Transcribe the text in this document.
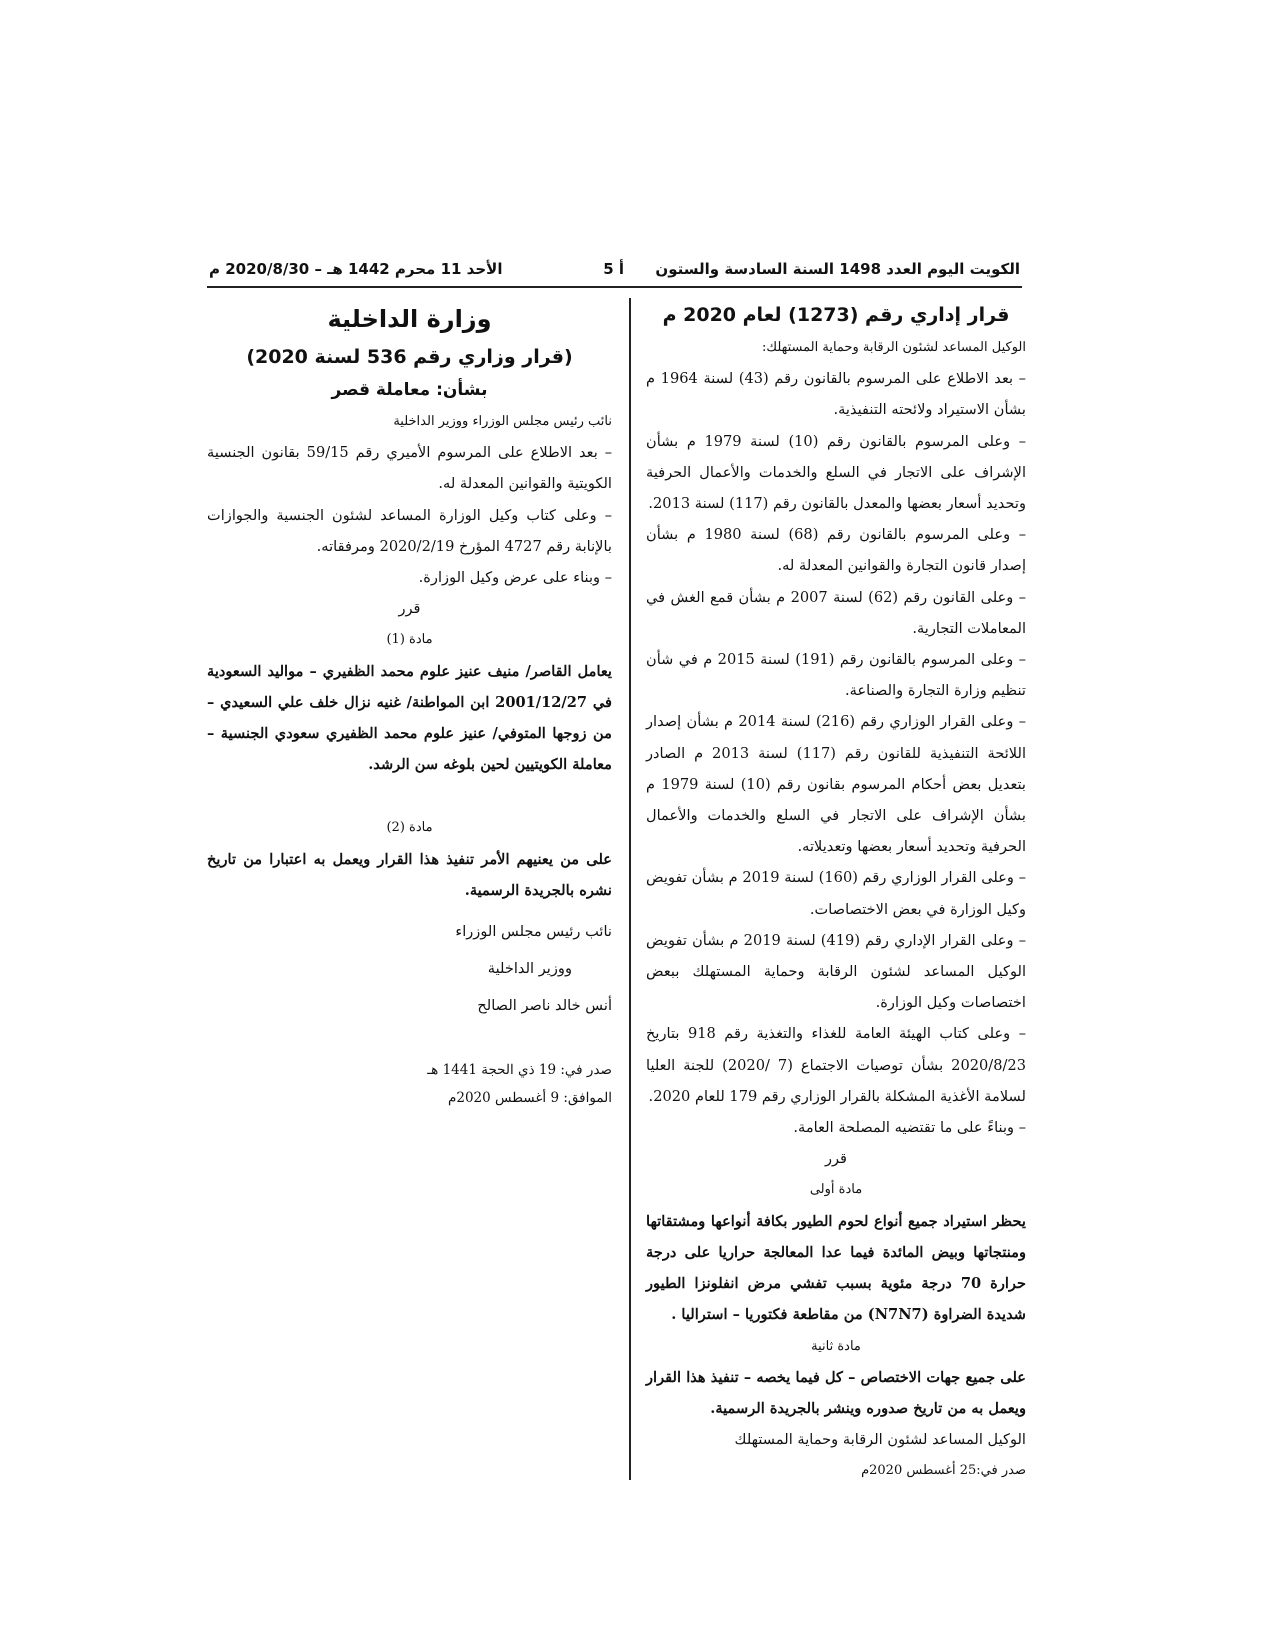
الكويت اليوم العدد 1498 السنة السادسة والستون
أ 5
الأحد 11 محرم 1442 هـ – 2020/8/30 م

قرار إداري رقم (1273) لعام 2020 م

الوكيل المساعد لشئون الرقابة وحماية المستهلك:

– بعد الاطلاع على المرسوم بالقانون رقم (43) لسنة 1964 م بشأن الاستيراد ولائحته التنفيذية.

– وعلى المرسوم بالقانون رقم (10) لسنة 1979 م بشأن الإشراف على الاتجار في السلع والخدمات والأعمال الحرفية وتحديد أسعار بعضها والمعدل بالقانون رقم (117) لسنة 2013.

– وعلى المرسوم بالقانون رقم (68) لسنة 1980 م بشأن إصدار قانون التجارة والقوانين المعدلة له.

– وعلى القانون رقم (62) لسنة 2007 م بشأن قمع الغش في المعاملات التجارية.

– وعلى المرسوم بالقانون رقم (191) لسنة 2015 م في شأن تنظيم وزارة التجارة والصناعة.

– وعلى القرار الوزاري رقم (216) لسنة 2014 م بشأن إصدار اللائحة التنفيذية للقانون رقم (117) لسنة 2013 م الصادر بتعديل بعض أحكام المرسوم بقانون رقم (10) لسنة 1979 م بشأن الإشراف على الاتجار في السلع والخدمات والأعمال الحرفية وتحديد أسعار بعضها وتعديلاته.

– وعلى القرار الوزاري رقم (160) لسنة 2019 م بشأن تفويض وكيل الوزارة في بعض الاختصاصات.

– وعلى القرار الإداري رقم (419) لسنة 2019 م بشأن تفويض الوكيل المساعد لشئون الرقابة وحماية المستهلك ببعض اختصاصات وكيل الوزارة.

– وعلى كتاب الهيئة العامة للغذاء والتغذية رقم 918 بتاريخ 2020/8/23 بشأن توصيات الاجتماع (7 /2020) للجنة العليا لسلامة الأغذية المشكلة بالقرار الوزاري رقم 179 للعام 2020.

– وبناءً على ما تقتضيه المصلحة العامة.

قرر

مادة أولى

يحظر استيراد جميع أنواع لحوم الطيور بكافة أنواعها ومشتقاتها ومنتجاتها وبيض المائدة فيما عدا المعالجة حراريا على درجة حرارة 70 درجة مئوية بسبب تفشي مرض انفلونزا الطيور شديدة الضراوة (N7N7) من مقاطعة فكتوريا – استراليا .

مادة ثانية

على جميع جهات الاختصاص – كل فيما يخصه – تنفيذ هذا القرار ويعمل به من تاريخ صدوره وينشر بالجريدة الرسمية.

الوكيل المساعد لشئون الرقابة وحماية المستهلك

صدر في:25 أغسطس 2020م

وزارة الداخلية

(قرار وزاري رقم 536 لسنة 2020)

بشأن: معاملة قصر

نائب رئيس مجلس الوزراء ووزير الداخلية

– بعد الاطلاع على المرسوم الأميري رقم 59/15 بقانون الجنسية الكويتية والقوانين المعدلة له.

– وعلى كتاب وكيل الوزارة المساعد لشئون الجنسية والجوازات بالإنابة رقم 4727 المؤرخ 2020/2/19 ومرفقاته.

– وبناء على عرض وكيل الوزارة.

قرر

مادة (1)

يعامل القاصر/ منيف عنيز علوم محمد الظفيري – مواليد السعودية في 2001/12/27 ابن المواطنة/ غنيه نزال خلف علي السعيدي – من زوجها المتوفي/ عنيز علوم محمد الظفيري سعودي الجنسية – معاملة الكويتيين لحين بلوغه سن الرشد.

مادة (2)

على من يعنيهم الأمر تنفيذ هذا القرار ويعمل به اعتبارا من تاريخ نشره بالجريدة الرسمية.

نائب رئيس مجلس الوزراء

ووزير الداخلية

أنس خالد ناصر الصالح

صدر في: 19 ذي الحجة 1441 هـ

الموافق: 9 أغسطس 2020م
